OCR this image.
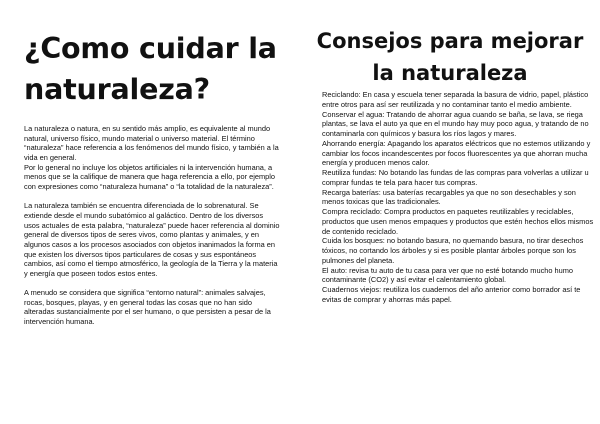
¿Como cuidar la naturaleza?

La naturaleza o natura, en su sentido más amplio, es equivalente al mundo natural, universo físico, mundo material o universo material. El término “naturaleza” hace referencia a los fenómenos del mundo físico, y también a la vida en general.
Por lo general no incluye los objetos artificiales ni la intervención humana, a menos que se la califique de manera que haga referencia a ello, por ejemplo con expresiones como “naturaleza humana” o “la totalidad de la naturaleza”.

La naturaleza también se encuentra diferenciada de lo sobrenatural. Se extiende desde el mundo subatómico al galáctico. Dentro de los diversos usos actuales de esta palabra, “naturaleza” puede hacer referencia al dominio general de diversos tipos de seres vivos, como plantas y animales, y en algunos casos a los procesos asociados con objetos inanimados la forma en que existen los diversos tipos particulares de cosas y sus espontáneos cambios, así como el tiempo atmosférico, la geología de la Tierra y la materia y energía que poseen todos estos entes.

A menudo se considera que significa “entorno natural”: animales salvajes, rocas, bosques, playas, y en general todas las cosas que no han sido alteradas sustancialmente por el ser humano, o que persisten a pesar de la intervención humana.

Consejos para mejorar la naturaleza

Reciclando: En casa y escuela tener separada la basura de vidrio, papel, plástico entre otros para así ser reutilizada y no contaminar tanto el medio ambiente.

Conservar el agua: Tratando de ahorrar agua cuando se baña, se lava, se riega plantas, se lava el auto ya que en el mundo hay muy poco agua, y tratando de no contaminarla con químicos y basura los ríos lagos y mares.

Ahorrando energía: Apagando los aparatos eléctricos que no estemos utilizando y cambiar los focos incandescentes por focos fluorescentes ya que ahorran mucha energía y producen menos calor.

Reutiliza fundas: No botando las fundas de las compras para volverlas a utilizar u comprar fundas te tela para hacer tus compras.

Recarga baterías: usa baterías recargables ya que no son desechables y son menos toxicas que las tradicionales.

Compra reciclado: Compra productos en paquetes reutilizables y reciclables, productos que usen menos empaques y productos que estén hechos ellos mismos de contenido reciclado.

Cuida los bosques: no botando basura, no quemando basura, no tirar desechos tóxicos, no cortando los árboles y si es posible plantar árboles porque son los pulmones del planeta.

El auto: revisa tu auto de tu casa para ver que no esté botando mucho humo contaminante (CO2) y así evitar el calentamiento global.

Cuadernos viejos: reutiliza los cuadernos del año anterior como borrador así te evitas de comprar y ahorras más papel.
